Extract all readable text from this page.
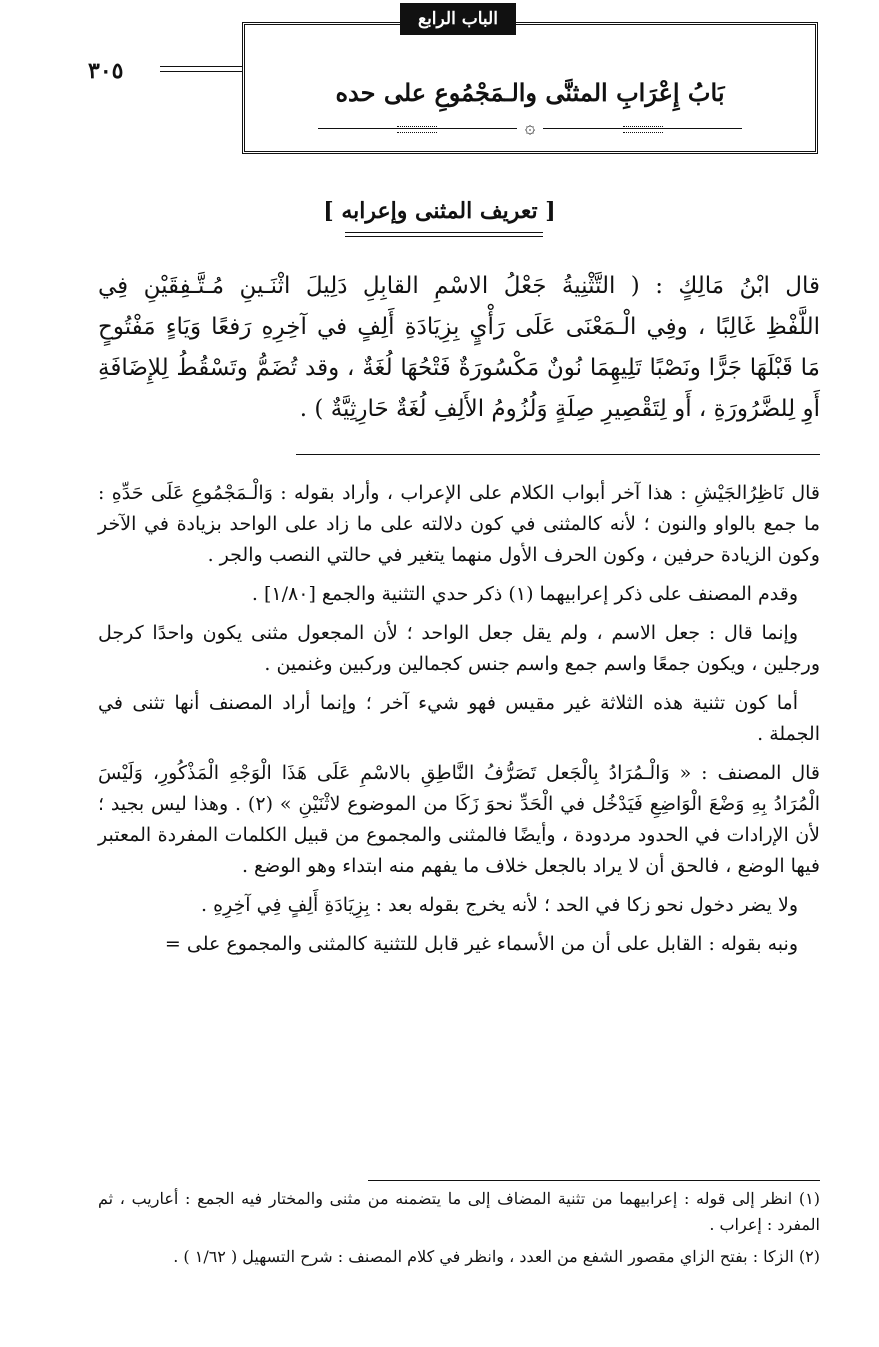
الباب الرابع
٣٠٥
بَابُ إِعْرَابِ المثنَّى والـمَجْمُوعِ على حده
۞
[ تعريف المثنى وإعرابه ]
قال ابْنُ مَالِكٍ : ( التَّثْنِيةُ جَعْلُ الاسْمِ القابِلِ دَلِيلَ اثْنَـينِ مُـتَّـفِقَيْنِ فِي
اللَّفْظِ غَالِبًا ، وفِي الْـمَعْنَى عَلَى رَأْيٍ بِزِيَادَةِ أَلِفٍ في آخِرِهِ رَفعًا وَيَاءٍ مَفْتُوحٍ
مَا قَبْلَهَا جَرًّا ونَصْبًا تَلِيهِمَا نُونٌ مَكْسُورَةٌ فَتْحُهَا لُغَةٌ ، وقد تُضَمُّ وتَسْقُطُ لِلإِضَافَةِ
أَوِ لِلضَّرُورَةِ ، أَو لِتَقْصِيرِ صِلَةٍ وَلُزُومُ الأَلِفِ لُغَةٌ حَارِثِيَّةٌ ) .

قال نَاظِرُالجَيْشِ : هذا آخر أبواب الكلام على الإعراب ، وأراد بقوله : وَالْـمَجْمُوعِ عَلَى حَدِّهِ : ما جمع بالواو والنون ؛ لأنه كالمثنى في كون دلالته على ما زاد على الواحد بزيادة في الآخر وكون الزيادة حرفين ، وكون الحرف الأول منهما يتغير في حالتي النصب والجر .

وقدم المصنف على ذكر إعرابيهما (١) ذكر حدي التثنية والجمع [١/٨٠] .

وإنما قال : جعل الاسم ، ولم يقل جعل الواحد ؛ لأن المجعول مثنى يكون واحدًا كرجل ورجلين ، ويكون جمعًا واسم جمع واسم جنس كجمالين وركبين وغنمين .

أما كون تثنية هذه الثلاثة غير مقيس فهو شيء آخر ؛ وإنما أراد المصنف أنها تثنى في الجملة .

قال المصنف : « وَالْـمُرَادُ بِالْجَعل تَصَرُّفُ النَّاطِقِ بالاسْمِ عَلَى هَذَا الْوَجْهِ الْمَذْكُورِ، وَلَيْسَ الْمُرَادُ بِهِ وَضْعَ الْوَاضِعِ فَيَدْخُل في الْحَدِّ نحوَ زَكَا من الموضوع لاثْنَيْنِ » (٢) . وهذا ليس بجيد ؛ لأن الإرادات في الحدود مردودة ، وأيضًا فالمثنى والمجموع من قبيل الكلمات المفردة المعتبر فيها الوضع ، فالحق أن لا يراد بالجعل خلاف ما يفهم منه ابتداء وهو الوضع .

ولا يضر دخول نحو زكا في الحد ؛ لأنه يخرج بقوله بعد : بِزِيَادَةِ أَلِفٍ فِي آخِرِهِ .

ونبه بقوله : القابل على أن من الأسماء غير قابل للتثنية كالمثنى والمجموع على =

(١) انظر إلى قوله : إعرابيهما من تثنية المضاف إلى ما يتضمنه من مثنى والمختار فيه الجمع : أعاريب ، ثم المفرد : إعراب .

(٢) الزكا : بفتح الزاي مقصور الشفع من العدد ، وانظر في كلام المصنف : شرح التسهيل ( ١/٦٢ ) .
